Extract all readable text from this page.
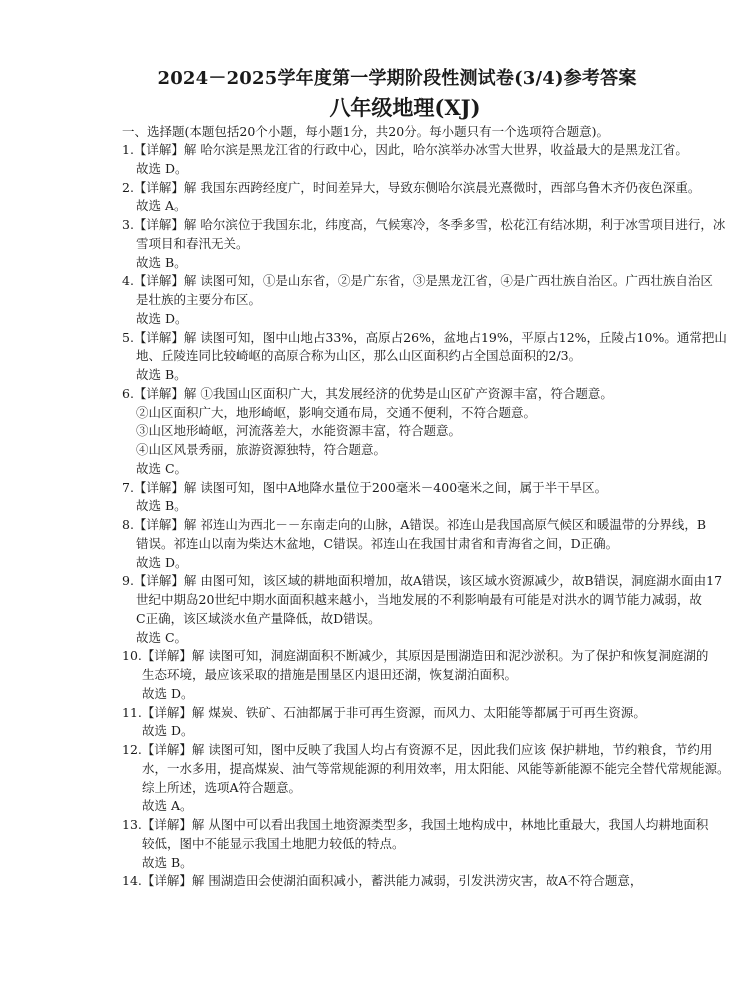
2024－2025学年度第一学期阶段性测试卷(3/4)参考答案
八年级地理(XJ)
一、选择题(本题包括20个小题，每小题1分，共20分。每小题只有一个选项符合题意)。
1.【详解】解 哈尔滨是黑龙江省的行政中心，因此，哈尔滨举办冰雪大世界，收益最大的是黑龙江省。
故选 D。
2.【详解】解 我国东西跨经度广，时间差异大，导致东侧哈尔滨晨光熹微时，西部乌鲁木齐仍夜色深重。
故选 A。
3.【详解】解 哈尔滨位于我国东北，纬度高，气候寒冷，冬季多雪，松花江有结冰期，利于冰雪项目进行，冰
雪项目和春汛无关。
故选 B。
4.【详解】解 读图可知，①是山东省，②是广东省，③是黑龙江省，④是广西壮族自治区。广西壮族自治区
是壮族的主要分布区。
故选 D。
5.【详解】解 读图可知，图中山地占33%，高原占26%，盆地占19%，平原占12%，丘陵占10%。通常把山
地、丘陵连同比较崎岖的高原合称为山区，那么山区面积约占全国总面积的2/3。
故选 B。
6.【详解】解 ①我国山区面积广大，其发展经济的优势是山区矿产资源丰富，符合题意。
②山区面积广大，地形崎岖，影响交通布局，交通不便利，不符合题意。
③山区地形崎岖，河流落差大，水能资源丰富，符合题意。
④山区风景秀丽，旅游资源独特，符合题意。
故选 C。
7.【详解】解 读图可知，图中A地降水量位于200毫米－400毫米之间，属于半干旱区。
故选 B。
8.【详解】解 祁连山为西北－－东南走向的山脉，A错误。祁连山是我国高原气候区和暖温带的分界线，B
错误。祁连山以南为柴达木盆地，C错误。祁连山在我国甘肃省和青海省之间，D正确。
故选 D。
9.【详解】解 由图可知，该区域的耕地面积增加，故A错误，该区域水资源减少，故B错误，洞庭湖水面由17
世纪中期岛20世纪中期水面面积越来越小，当地发展的不利影响最有可能是对洪水的调节能力减弱，故
C正确，该区域淡水鱼产量降低，故D错误。
故选 C。
10.【详解】解 读图可知，洞庭湖面积不断减少，其原因是围湖造田和泥沙淤积。为了保护和恢复洞庭湖的
生态环境，最应该采取的措施是围垦区内退田还湖，恢复湖泊面积。
故选 D。
11.【详解】解 煤炭、铁矿、石油都属于非可再生资源，而风力、太阳能等都属于可再生资源。
故选 D。
12.【详解】解 读图可知，图中反映了我国人均占有资源不足，因此我们应该 保护耕地，节约粮食，节约用
水，一水多用，提高煤炭、油气等常规能源的利用效率，用太阳能、风能等新能源不能完全替代常规能源。
综上所述，选项A符合题意。
故选 A。
13.【详解】解 从图中可以看出我国土地资源类型多，我国土地构成中，林地比重最大，我国人均耕地面积
较低，图中不能显示我国土地肥力较低的特点。
故选 B。
14.【详解】解 围湖造田会使湖泊面积减小，蓄洪能力减弱，引发洪涝灾害，故A不符合题意，
